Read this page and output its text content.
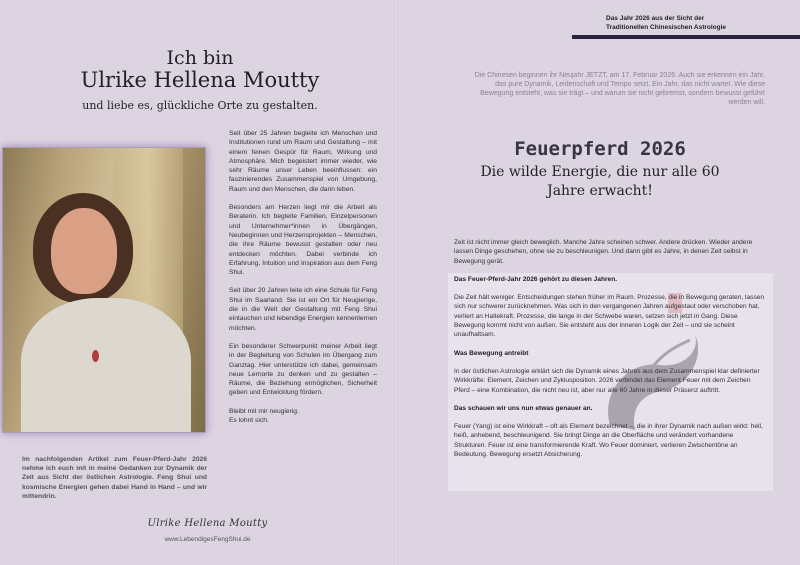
Ich bin
Ulrike Hellena Moutty
und liebe es, glückliche Orte zu gestalten.

Seit über 25 Jahren begleite ich Menschen und Institutionen rund um Raum und Gestaltung – mit einem feinen Gespür für Raum, Wirkung und Atmosphäre. Mich begeistert immer wieder, wie sehr Räume unser Leben beeinflussen: ein faszinierendes Zusammenspiel von Umgebung, Raum und den Menschen, die darin leben.

Besonders am Herzen liegt mir die Arbeit als Beraterin. Ich begleite Familien, Einzelpersonen und Unternehmer*innen in Übergängen, Neubeginnen und Herzensprojekten – Menschen, die ihre Räume bewusst gestalten oder neu entdecken möchten. Dabei verbinde ich Erfahrung, Intuition und Inspiration aus dem Feng Shui.

Seit über 20 Jahren leite ich eine Schule für Feng Shui im Saarland. Sie ist ein Ort für Neugierige, die in die Welt der Gestaltung mit Feng Shui eintauchen und lebendige Energien kennenlernen möchten.

Ein besonderer Schwerpunkt meiner Arbeit liegt in der Begleitung von Schulen im Übergang zum Ganztag. Hier unterstütze ich dabei, gemeinsam neue Lernorte zu denken und zu gestalten – Räume, die Beziehung ermöglichen, Sicherheit geben und Entwicklung fördern.

Bleibt mit mir neugierig.
Es lohnt sich.

Im nachfolgenden Artikel zum Feuer-Pferd-Jahr 2026 nehme ich euch mit in meine Gedanken zur Dynamik der Zeit aus Sicht der östlichen Astrologie. Feng Shui und kosmische Energien gehen dabei Hand in Hand – und wir mittendrin.
Ulrike Hellena Moutty
www.LebendigesFengShui.de
Das Jahr 2026 aus der Sicht der
Traditionellen Chinesischen Astrologie
Die Chinesen beginnen ihr Neujahr JETZT, am 17. Februar 2026. Auch sie erkennen ein Jahr, das pure Dynamik, Leidenschaft und Tempo setzt. Ein Jahr, das nicht wartet. Wie diese Bewegung entsteht, was sie trägt – und warum sie nicht gebremst, sondern bewusst geführt werden will.
Feuerpferd 2026
Die wilde Energie, die nur alle 60 Jahre erwacht!

Zeit ist nicht immer gleich beweglich. Manche Jahre scheinen schwer. Andere drücken. Wieder andere lassen Dinge geschehen, ohne sie zu beschleunigen. Und dann gibt es Jahre, in denen Zeit selbst in Bewegung gerät.

Das Feuer-Pferd-Jahr 2026 gehört zu diesen Jahren.

Die Zeit hält weniger. Entscheidungen stehen früher im Raum. Prozesse, die in Bewegung geraten, lassen sich nur schwerer zurücknehmen. Was sich in den vergangenen Jahren aufgestaut oder verschoben hat, verliert an Haltekraft. Prozesse, die lange in der Schwebe waren, setzen sich jetzt in Gang. Diese Bewegung kommt nicht von außen. Sie entsteht aus der inneren Logik der Zeit – und sie scheint unaufhaltsam.

Was Bewegung antreibt

In der östlichen Astrologie erklärt sich die Dynamik eines Jahres aus dem Zusammenspiel klar definierter Wirkkräfte: Element, Zeichen und Zyklusposition. 2026 verbindet das Element Feuer mit dem Zeichen Pferd – eine Kombination, die nicht neu ist, aber nur alle 60 Jahre in dieser Präsenz auftritt.

Das schauen wir uns nun etwas genauer an.

Feuer (Yang) ist eine Wirkkraft – oft als Element bezeichnet –, die in ihrer Dynamik nach außen wirkt: hell, heiß, anhebend, beschleunigend. Sie bringt Dinge an die Oberfläche und verändert vorhandene Strukturen. Feuer ist eine transformierende Kraft. Wo Feuer dominiert, verlieren Zwischentöne an Bedeutung. Bewegung ersetzt Absicherung.
